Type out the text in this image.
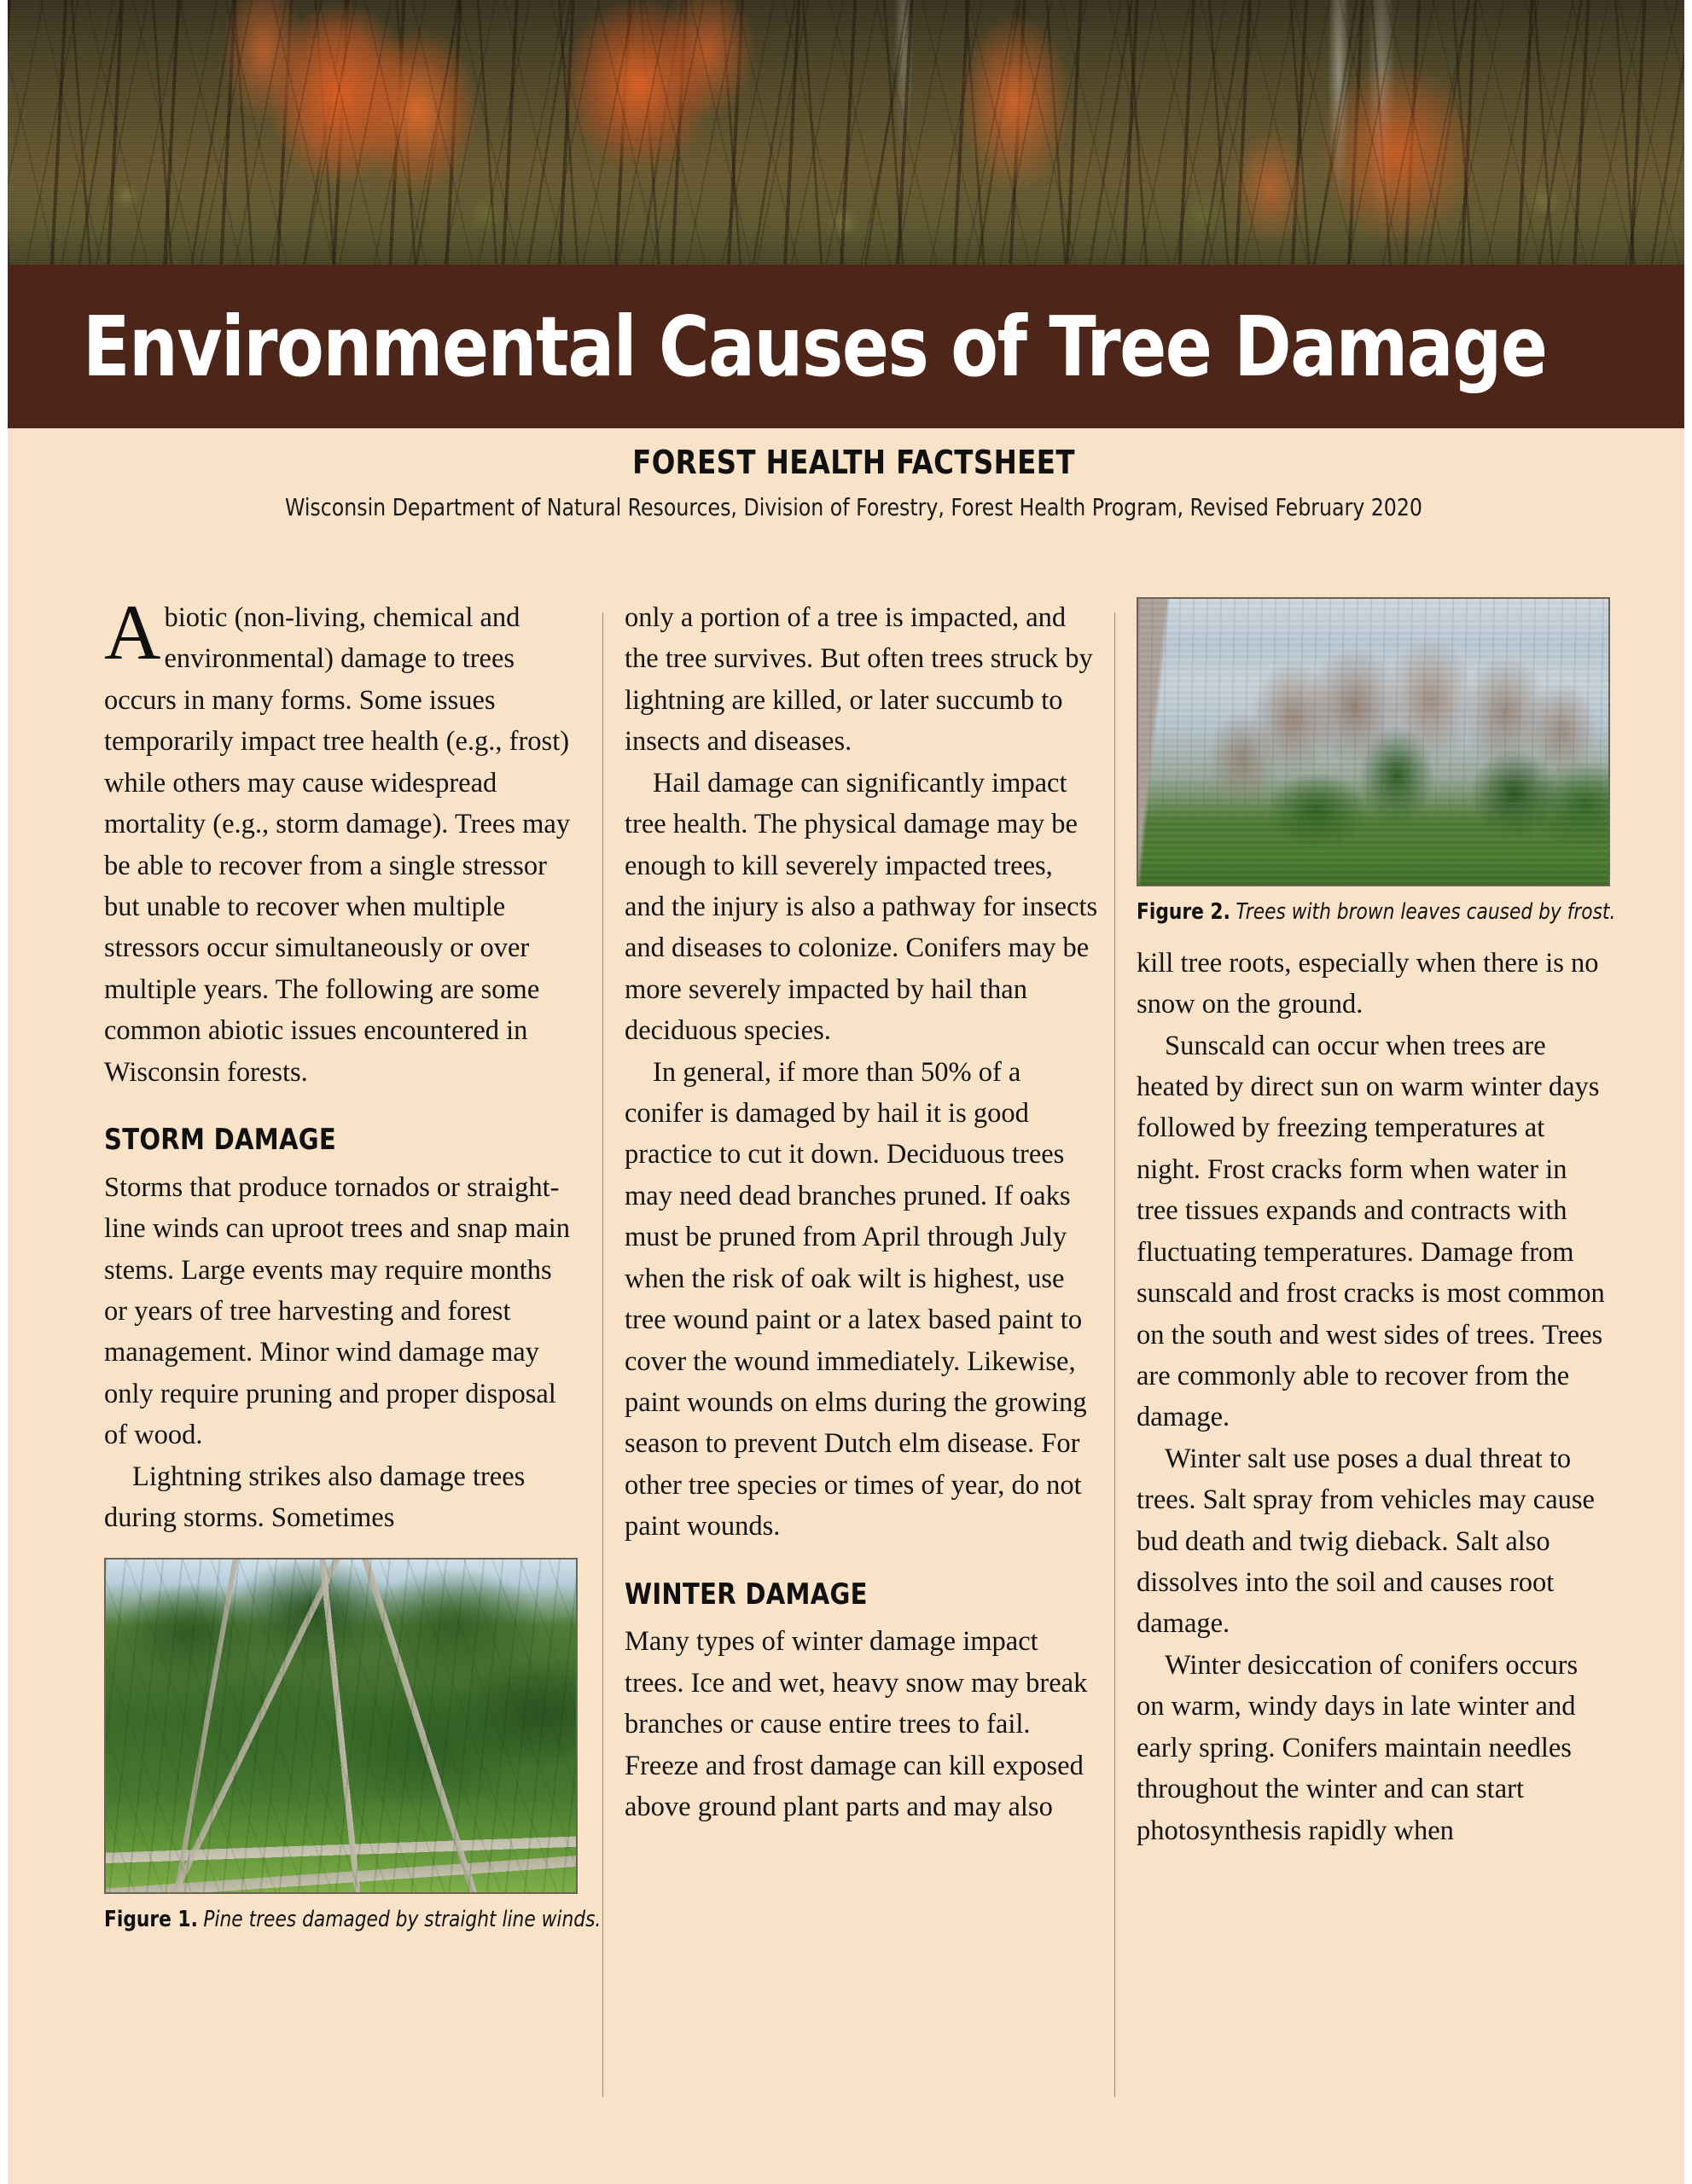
Environmental Causes of Tree Damage

FOREST HEALTH FACTSHEET

Wisconsin Department of Natural Resources, Division of Forestry, Forest Health Program, Revised February 2020

Abiotic (non-living, chemical and environmental) damage to trees occurs in many forms. Some issues temporarily impact tree health (e.g., frost) while others may cause widespread mortality (e.g., storm damage). Trees may be able to recover from a single stressor but unable to recover when multiple stressors occur simultaneously or over multiple years. The following are some common abiotic issues encountered in Wisconsin forests.

STORM DAMAGE

Storms that produce tornados or straight-line winds can uproot trees and snap main stems. Large events may require months or years of tree harvesting and forest management. Minor wind damage may only require pruning and proper disposal of wood.

Lightning strikes also damage trees during storms. Sometimes

Figure 1. Pine trees damaged by straight line winds.

only a portion of a tree is impacted, and the tree survives. But often trees struck by lightning are killed, or later succumb to insects and diseases.

Hail damage can significantly impact tree health. The physical damage may be enough to kill severely impacted trees, and the injury is also a pathway for insects and diseases to colonize. Conifers may be more severely impacted by hail than deciduous species.

In general, if more than 50% of a conifer is damaged by hail it is good practice to cut it down. Deciduous trees may need dead branches pruned. If oaks must be pruned from April through July when the risk of oak wilt is highest, use tree wound paint or a latex based paint to cover the wound immediately. Likewise, paint wounds on elms during the growing season to prevent Dutch elm disease. For other tree species or times of year, do not paint wounds.

WINTER DAMAGE

Many types of winter damage impact trees. Ice and wet, heavy snow may break branches or cause entire trees to fail. Freeze and frost damage can kill exposed above ground plant parts and may also

Figure 2. Trees with brown leaves caused by frost.

kill tree roots, especially when there is no snow on the ground.

Sunscald can occur when trees are heated by direct sun on warm winter days followed by freezing temperatures at night. Frost cracks form when water in tree tissues expands and contracts with fluctuating temperatures. Damage from sunscald and frost cracks is most common on the south and west sides of trees. Trees are commonly able to recover from the damage.

Winter salt use poses a dual threat to trees. Salt spray from vehicles may cause bud death and twig dieback. Salt also dissolves into the soil and causes root damage.

Winter desiccation of conifers occurs on warm, windy days in late winter and early spring. Conifers maintain needles throughout the winter and can start photosynthesis rapidly when
